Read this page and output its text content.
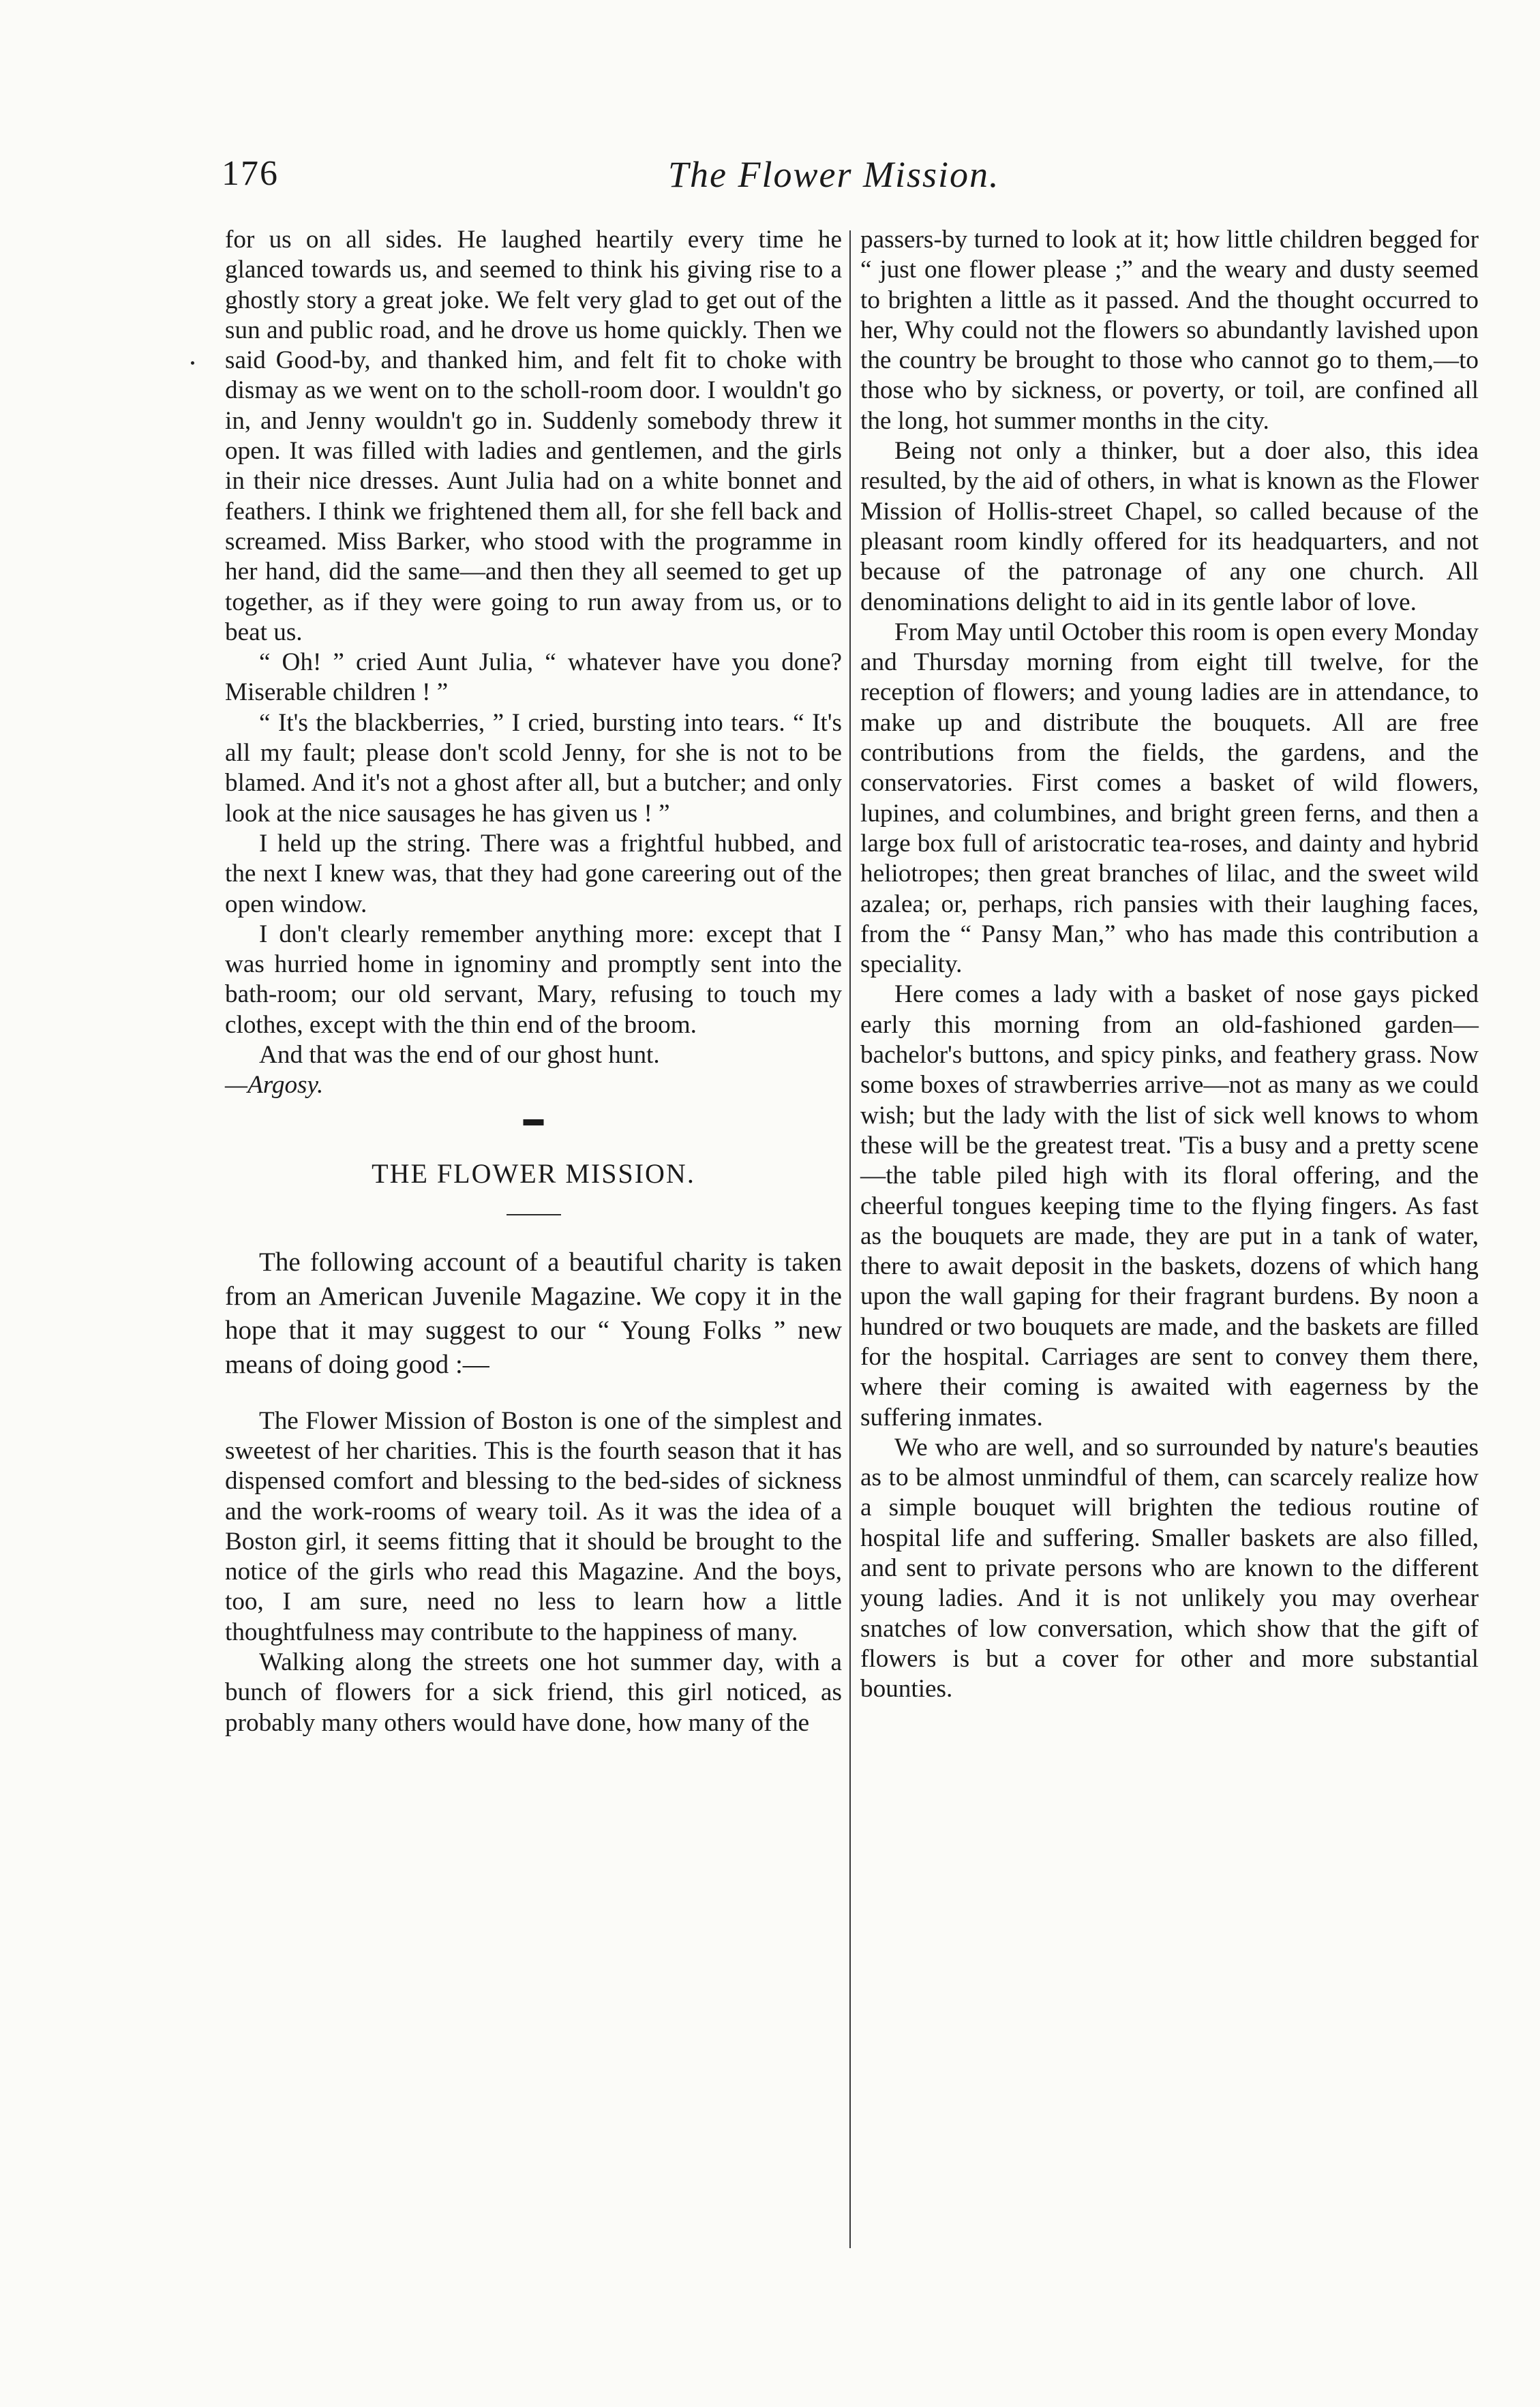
176	The Flower Mission.

for us on all sides. He laughed heartily every time he glanced towards us, and seemed to think his giving rise to a ghostly story a great joke. We felt very glad to get out of the sun and public road, and he drove us home quickly. Then we said Good-by, and thanked him, and felt fit to choke with dismay as we went on to the scholl-room door. I wouldn't go in, and Jenny wouldn't go in. Suddenly somebody threw it open. It was filled with ladies and gentlemen, and the girls in their nice dresses. Aunt Julia had on a white bonnet and feathers. I think we frightened them all, for she fell back and screamed. Miss Barker, who stood with the programme in her hand, did the same—and then they all seemed to get up together, as if they were going to run away from us, or to beat us.

“ Oh! ” cried Aunt Julia, “ whatever have you done? Miserable children ! ”

“ It's the blackberries, ” I cried, bursting into tears. “ It's all my fault; please don't scold Jenny, for she is not to be blamed. And it's not a ghost after all, but a butcher; and only look at the nice sausages he has given us ! ”

I held up the string. There was a frightful hubbed, and the next I knew was, that they had gone careering out of the open window.

I don't clearly remember anything more: except that I was hurried home in ignominy and promptly sent into the bath-room; our old servant, Mary, refusing to touch my clothes, except with the thin end of the broom.

And that was the end of our ghost hunt.

—Argosy.

▬
THE FLOWER MISSION.

The following account of a beautiful charity is taken from an American Juvenile Magazine. We copy it in the hope that it may suggest to our “ Young Folks ” new means of doing good :—

The Flower Mission of Boston is one of the simplest and sweetest of her charities. This is the fourth season that it has dispensed comfort and blessing to the bed-sides of sickness and the work-rooms of weary toil. As it was the idea of a Boston girl, it seems fitting that it should be brought to the notice of the girls who read this Magazine. And the boys, too, I am sure, need no less to learn how a little thoughtfulness may contribute to the happiness of many.

Walking along the streets one hot summer day, with a bunch of flowers for a sick friend, this girl noticed, as probably many others would have done, how many of the

passers-by turned to look at it; how little children begged for “ just one flower please ;” and the weary and dusty seemed to brighten a little as it passed. And the thought occurred to her, Why could not the flowers so abundantly lavished upon the country be brought to those who cannot go to them,—to those who by sickness, or poverty, or toil, are confined all the long, hot summer months in the city.

Being not only a thinker, but a doer also, this idea resulted, by the aid of others, in what is known as the Flower Mission of Hollis-street Chapel, so called because of the pleasant room kindly offered for its headquarters, and not because of the patronage of any one church. All denominations delight to aid in its gentle labor of love.

From May until October this room is open every Monday and Thursday morning from eight till twelve, for the reception of flowers; and young ladies are in attendance, to make up and distribute the bouquets. All are free contributions from the fields, the gardens, and the conservatories. First comes a basket of wild flowers, lupines, and columbines, and bright green ferns, and then a large box full of aristocratic tea-roses, and dainty and hybrid heliotropes; then great branches of lilac, and the sweet wild azalea; or, perhaps, rich pansies with their laughing faces, from the “ Pansy Man,” who has made this contribution a speciality.

Here comes a lady with a basket of nose gays picked early this morning from an old-fashioned garden—bachelor's buttons, and spicy pinks, and feathery grass. Now some boxes of strawberries arrive—not as many as we could wish; but the lady with the list of sick well knows to whom these will be the greatest treat. 'Tis a busy and a pretty scene—the table piled high with its floral offering, and the cheerful tongues keeping time to the flying fingers. As fast as the bouquets are made, they are put in a tank of water, there to await deposit in the baskets, dozens of which hang upon the wall gaping for their fragrant burdens. By noon a hundred or two bouquets are made, and the baskets are filled for the hospital. Carriages are sent to convey them there, where their coming is awaited with eagerness by the suffering inmates.

We who are well, and so surrounded by nature's beauties as to be almost unmindful of them, can scarcely realize how a simple bouquet will brighten the tedious routine of hospital life and suffering. Smaller baskets are also filled, and sent to private persons who are known to the different young ladies. And it is not unlikely you may overhear snatches of low conversation, which show that the gift of flowers is but a cover for other and more substantial bounties.
